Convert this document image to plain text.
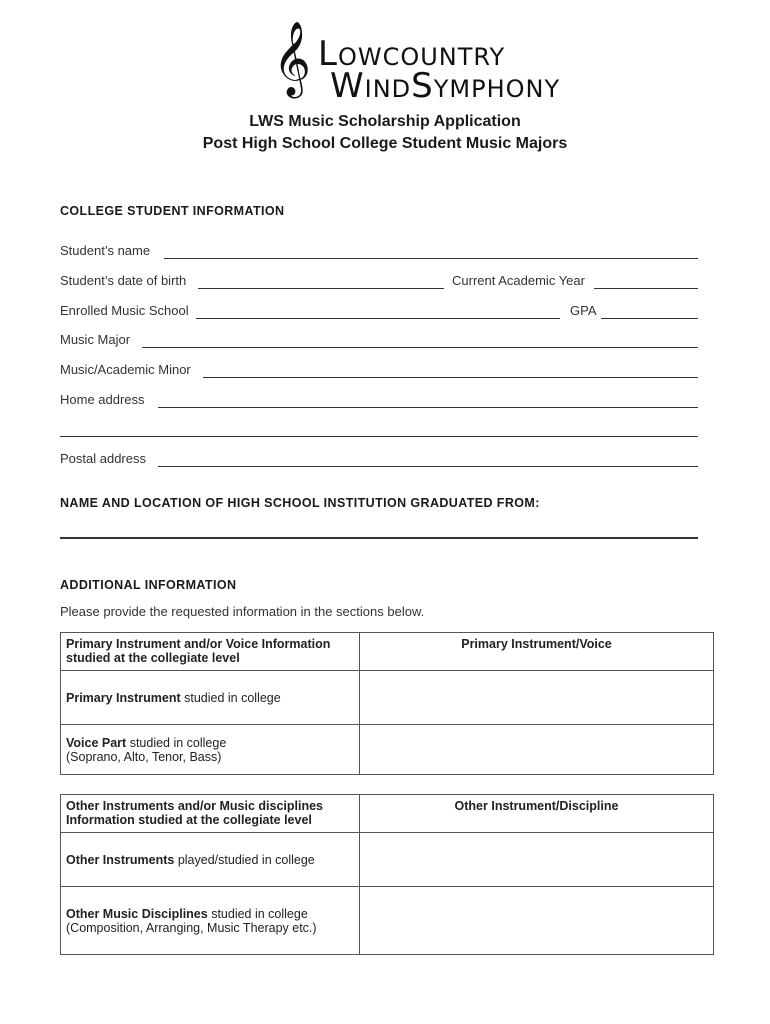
𝄞 LOWCOUNTRY
WINDSYMPHONY
LWS Music Scholarship Application
Post High School College Student Music Majors
COLLEGE STUDENT INFORMATION
Student’s name
Student’s date of birth	Current Academic Year
Enrolled Music School	GPA
Music Major
Music/Academic Minor
Home address
Postal address
NAME AND LOCATION OF HIGH SCHOOL INSTITUTION GRADUATED FROM:
ADDITIONAL INFORMATION
Please provide the requested information in the sections below.
Primary Instrument and/or Voice Information studied at the collegiate level	Primary Instrument/Voice
Primary Instrument studied in college	
Voice Part studied in college
(Soprano, Alto, Tenor, Bass)	
Other Instruments and/or Music disciplines Information studied at the collegiate level	Other Instrument/Discipline
Other Instruments played/studied in college	
Other Music Disciplines studied in college
(Composition, Arranging, Music Therapy etc.)	
